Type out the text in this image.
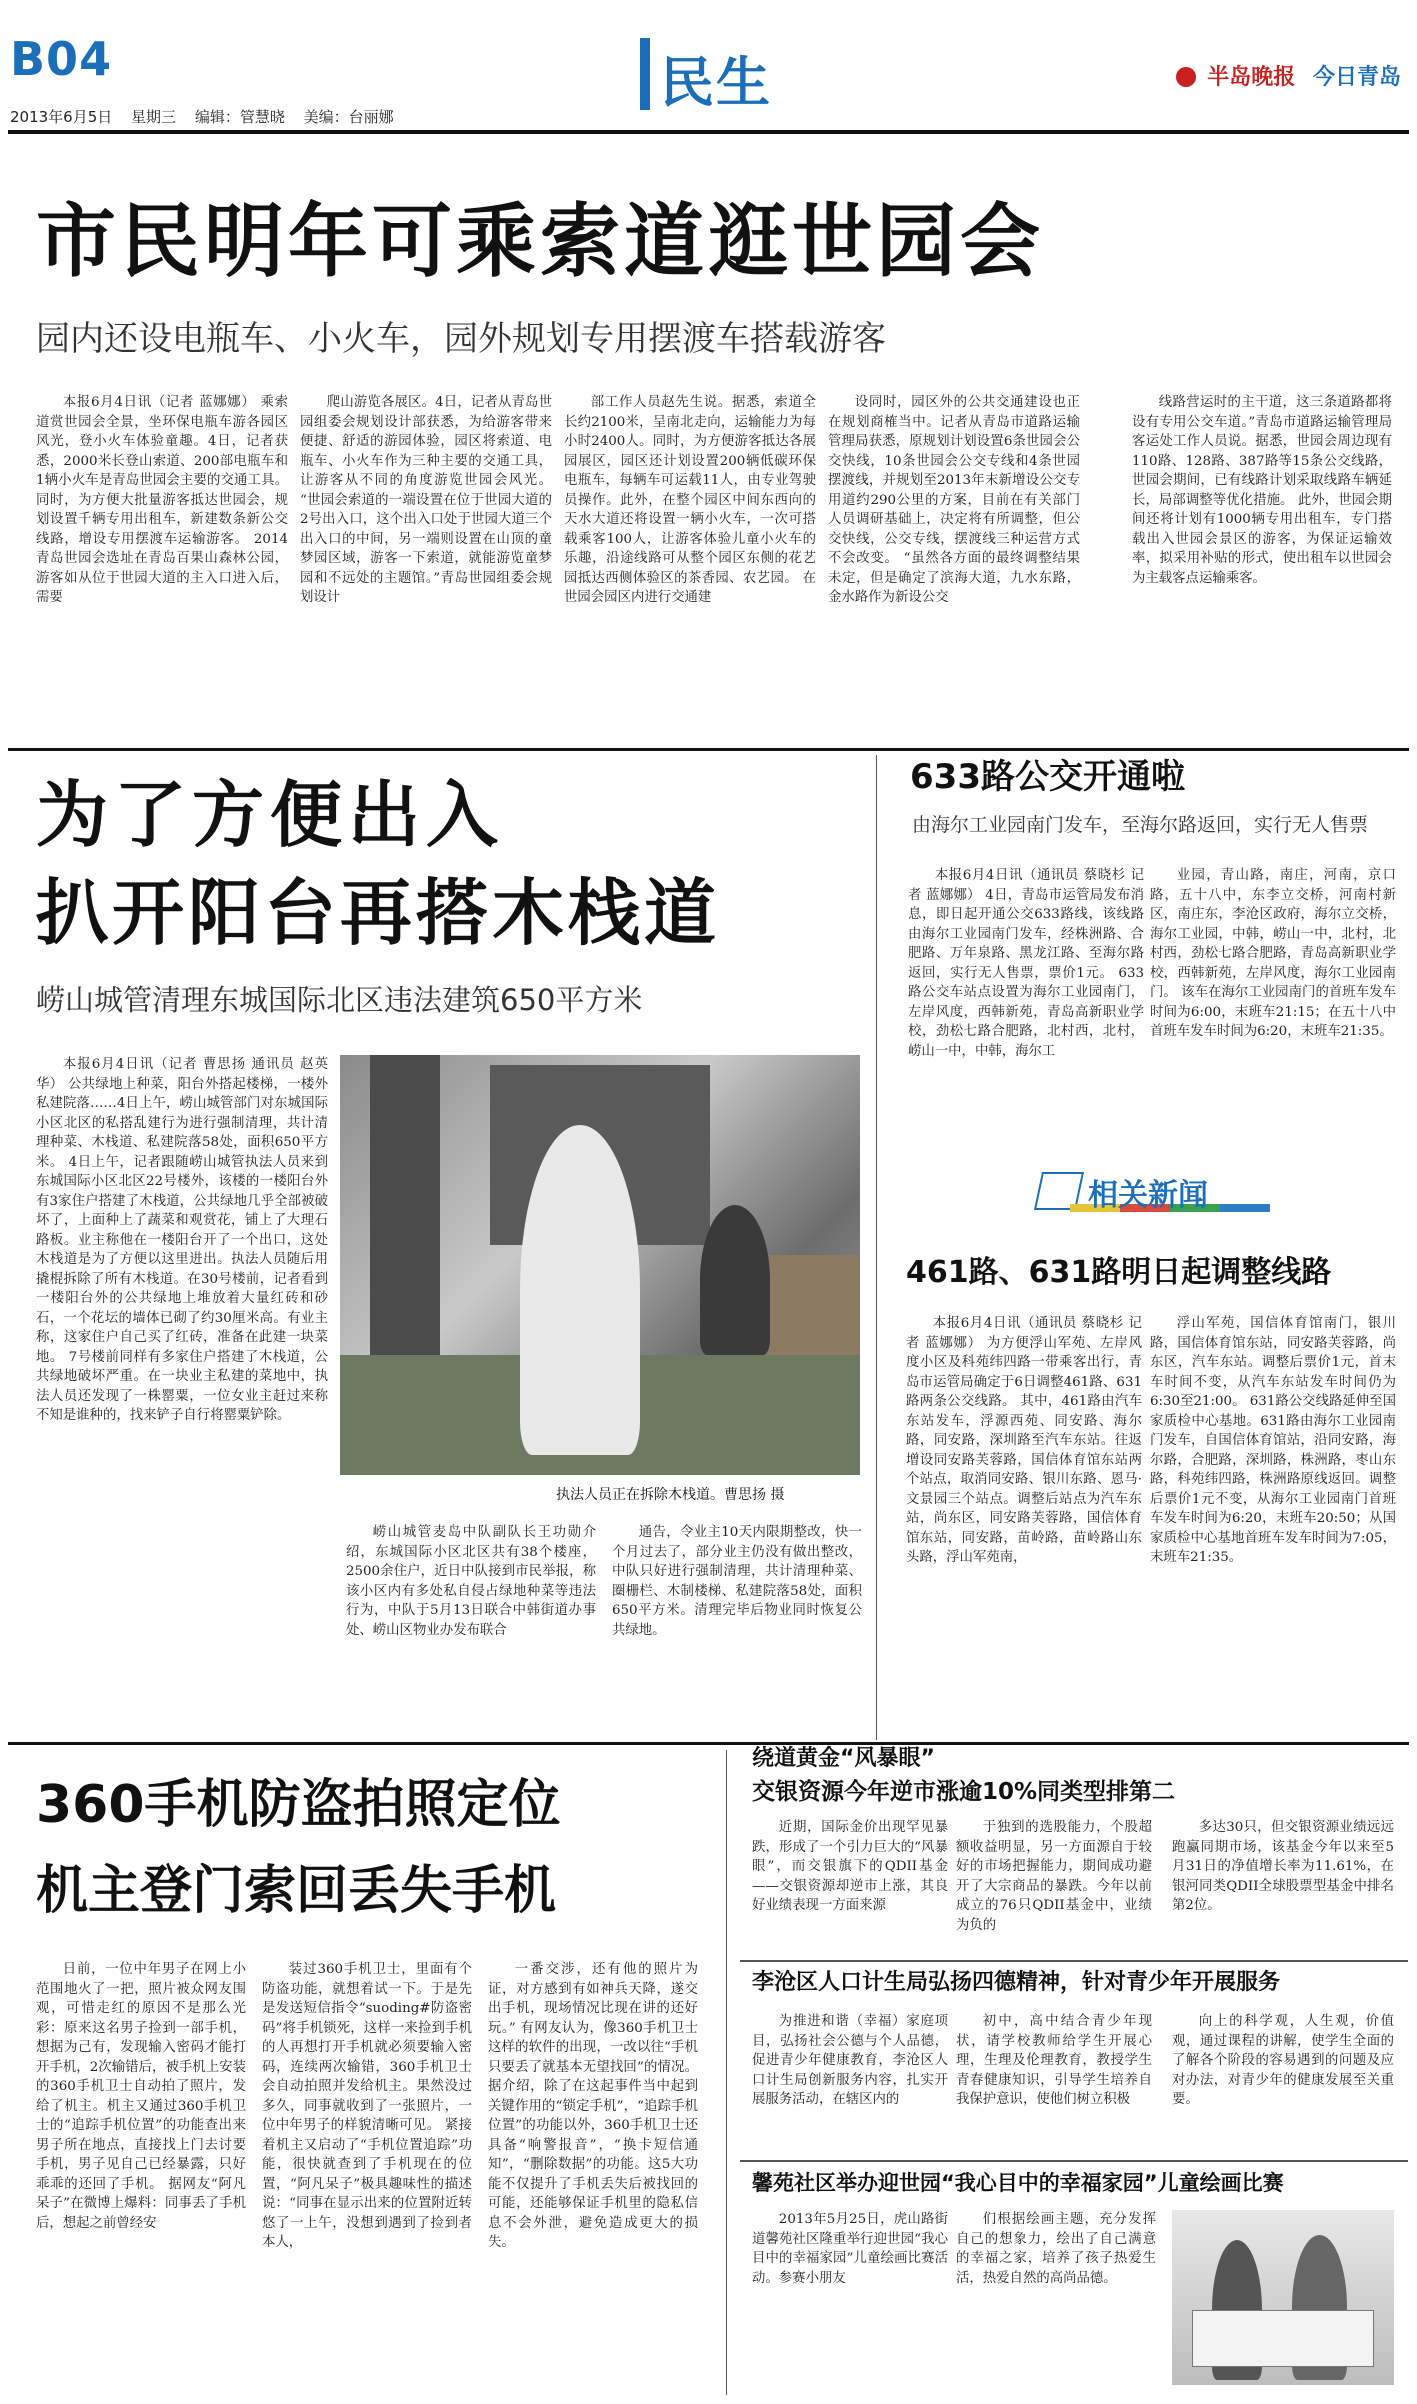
B04	民生	半岛晚报 今日青岛
2013年6月5日 星期三 编辑：管慧晓 美编：台丽娜
市民明年可乘索道逛世园会
园内还设电瓶车、小火车，园外规划专用摆渡车搭载游客

本报6月4日讯（记者 蓝娜娜） 乘索道赏世园会全景，坐环保电瓶车游各园区风光，登小火车体验童趣。4日，记者获悉，2000米长登山索道、200部电瓶车和1辆小火车是青岛世园会主要的交通工具。同时，为方便大批量游客抵达世园会，规划设置千辆专用出租车，新建数条新公交线路，增设专用摆渡车运输游客。 2014青岛世园会选址在青岛百果山森林公园，游客如从位于世园大道的主入口进入后，需要

爬山游览各展区。4日，记者从青岛世园组委会规划设计部获悉，为给游客带来便捷、舒适的游园体验，园区将索道、电瓶车、小火车作为三种主要的交通工具，让游客从不同的角度游览世园会风光。 “世园会索道的一端设置在位于世园大道的2号出入口，这个出入口处于世园大道三个出入口的中间，另一端则设置在山顶的童梦园区域，游客一下索道，就能游览童梦园和不远处的主题馆。”青岛世园组委会规划设计

部工作人员赵先生说。据悉，索道全长约2100米，呈南北走向，运输能力为每小时2400人。同时，为方便游客抵达各展园展区，园区还计划设置200辆低碳环保电瓶车，每辆车可运载11人，由专业驾驶员操作。此外，在整个园区中间东西向的天水大道还将设置一辆小火车，一次可搭载乘客100人，让游客体验儿童小火车的乐趣，沿途线路可从整个园区东侧的花艺园抵达西侧体验区的茶香园、农艺园。 在世园会园区内进行交通建

设同时，园区外的公共交通建设也正在规划商榷当中。记者从青岛市道路运输管理局获悉，原规划计划设置6条世园会公交快线，10条世园会公交专线和4条世园摆渡线，并规划至2013年末新增设公交专用道约290公里的方案，目前在有关部门人员调研基础上，决定将有所调整，但公交快线，公交专线，摆渡线三种运营方式不会改变。 “虽然各方面的最终调整结果未定，但是确定了滨海大道，九水东路，金水路作为新设公交

线路营运时的主干道，这三条道路都将设有专用公交车道。”青岛市道路运输管理局客运处工作人员说。据悉，世园会周边现有110路、128路、387路等15条公交线路，世园会期间，已有线路计划采取线路车辆延长，局部调整等优化措施。 此外，世园会期间还将计划有1000辆专用出租车，专门搭载出入世园会景区的游客，为保证运输效率，拟采用补贴的形式，使出租车以世园会为主载客点运输乘客。

为了方便出入
扒开阳台再搭木栈道
崂山城管清理东城国际北区违法建筑650平方米

本报6月4日讯（记者 曹思扬 通讯员 赵英华） 公共绿地上种菜，阳台外搭起楼梯，一楼外私建院落……4日上午，崂山城管部门对东城国际小区北区的私搭乱建行为进行强制清理，共计清理种菜、木栈道、私建院落58处，面积650平方米。 4日上午，记者跟随崂山城管执法人员来到东城国际小区北区22号楼外，该楼的一楼阳台外有3家住户搭建了木栈道，公共绿地几乎全部被破坏了，上面种上了蔬菜和观赏花，铺上了大理石路板。业主称他在一楼阳台开了一个出口，这处木栈道是为了方便以这里进出。执法人员随后用撬棍拆除了所有木栈道。在30号楼前，记者看到一楼阳台外的公共绿地上堆放着大量红砖和砂石，一个花坛的墙体已砌了约30厘米高。有业主称，这家住户自己买了红砖，准备在此建一块菜地。 7号楼前同样有多家住户搭建了木栈道，公共绿地破坏严重。在一块业主私建的菜地中，执法人员还发现了一株罂粟，一位女业主赶过来称不知是谁种的，找来铲子自行将罂粟铲除。

执法人员正在拆除木栈道。曹思扬 摄

崂山城管麦岛中队副队长王功勋介绍，东城国际小区北区共有38个楼座，2500余住户，近日中队接到市民举报，称该小区内有多处私自侵占绿地种菜等违法行为，中队于5月13日联合中韩街道办事处、崂山区物业办发布联合

通告，令业主10天内限期整改，快一个月过去了，部分业主仍没有做出整改，中队只好进行强制清理，共计清理种菜、圈栅栏、木制楼梯、私建院落58处，面积650平方米。清理完毕后物业同时恢复公共绿地。

633路公交开通啦
由海尔工业园南门发车，至海尔路返回，实行无人售票

本报6月4日讯（通讯员 蔡晓杉 记者 蓝娜娜） 4日，青岛市运管局发布消息，即日起开通公交633路线，该线路由海尔工业园南门发车，经株洲路、合肥路、万年泉路、黑龙江路、至海尔路返回，实行无人售票，票价1元。 633路公交车站点设置为海尔工业园南门，左岸风度，西韩新苑，青岛高新职业学校，劲松七路合肥路，北村西，北村，崂山一中，中韩，海尔工

业园，青山路，南庄，河南，京口路，五十八中，东李立交桥，河南村新区，南庄东，李沧区政府，海尔立交桥，海尔工业园，中韩，崂山一中，北村，北村西，劲松七路合肥路，青岛高新职业学校，西韩新苑，左岸风度，海尔工业园南门。 该车在海尔工业园南门的首班车发车时间为6:00，末班车21:15；在五十八中首班车发车时间为6:20，末班车21:35。

相关新闻
461路、631路明日起调整线路

本报6月4日讯（通讯员 蔡晓杉 记者 蓝娜娜） 为方便浮山军苑、左岸风度小区及科苑纬四路一带乘客出行，青岛市运管局确定于6日调整461路、631路两条公交线路。 其中，461路由汽车东站发车，浮源西苑、同安路、海尔路，同安路，深圳路至汽车东站。往返增设同安路芙蓉路，国信体育馆东站两个站点，取消同安路、银川东路、恩马·文景园三个站点。调整后站点为汽车东站，尚东区，同安路芙蓉路，国信体育馆东站，同安路，苗岭路，苗岭路山东头路，浮山军苑南，

浮山军苑，国信体育馆南门，银川路，国信体育馆东站，同安路芙蓉路，尚东区，汽车东站。调整后票价1元，首末车时间不变，从汽车东站发车时间仍为6:30至21:00。 631路公交线路延伸至国家质检中心基地。631路由海尔工业园南门发车，自国信体育馆站，沿同安路，海尔路，合肥路，深圳路，株洲路，枣山东路，科苑纬四路，株洲路原线返回。调整后票价1元不变，从海尔工业园南门首班车发车时间为6:20，末班车20:50；从国家质检中心基地首班车发车时间为7:05，末班车21:35。

360手机防盗拍照定位
机主登门索回丢失手机

日前，一位中年男子在网上小范围地火了一把，照片被众网友围观，可惜走红的原因不是那么光彩：原来这名男子捡到一部手机，想据为己有，发现输入密码才能打开手机，2次输错后，被手机上安装的360手机卫士自动拍了照片，发给了机主。机主又通过360手机卫士的“追踪手机位置”的功能查出来男子所在地点，直接找上门去讨要手机，男子见自己已经暴露，只好乖乖的还回了手机。 据网友“阿凡呆子”在微博上爆料：同事丢了手机后，想起之前曾经安

装过360手机卫士，里面有个防盗功能，就想着试一下。于是先是发送短信指令“suoding#防盗密码”将手机锁死，这样一来捡到手机的人再想打开手机就必须要输入密码，连续两次输错，360手机卫士会自动拍照并发给机主。果然没过多久，同事就收到了一张照片，一位中年男子的样貌清晰可见。 紧接着机主又启动了“手机位置追踪”功能，很快就查到了手机现在的位置，“阿凡呆子”极具趣味性的描述说：“同事在显示出来的位置附近转悠了一上午，没想到遇到了捡到者本人，

一番交涉，还有他的照片为证，对方感到有如神兵天降，遂交出手机，现场情况比现在讲的还好玩。” 有网友认为，像360手机卫士这样的软件的出现，一改以往“手机只要丢了就基本无望找回”的情况。据介绍，除了在这起事件当中起到关键作用的“锁定手机”，“追踪手机位置”的功能以外，360手机卫士还具备“响警报音”，“换卡短信通知”，“删除数据”的功能。这5大功能不仅提升了手机丢失后被找回的可能，还能够保证手机里的隐私信息不会外泄，避免造成更大的损失。

绕道黄金“风暴眼”
交银资源今年逆市涨逾10%同类型排第二

近期，国际金价出现罕见暴跌，形成了一个引力巨大的“风暴眼”，而交银旗下的QDII基金——交银资源却逆市上涨，其良好业绩表现一方面来源

于独到的选股能力，个股超额收益明显，另一方面源自于较好的市场把握能力，期间成功避开了大宗商品的暴跌。今年以前成立的76只QDII基金中，业绩为负的

多达30只，但交银资源业绩远远跑赢同期市场，该基金今年以来至5月31日的净值增长率为11.61%，在银河同类QDII全球股票型基金中排名第2位。

李沧区人口计生局弘扬四德精神，针对青少年开展服务

为推进和谐（幸福）家庭项目，弘扬社会公德与个人品德，促进青少年健康教育，李沧区人口计生局创新服务内容，扎实开展服务活动，在辖区内的

初中，高中结合青少年现状，请学校教师给学生开展心理，生理及伦理教育，教授学生青春健康知识，引导学生培养自我保护意识，使他们树立积极

向上的科学观，人生观，价值观，通过课程的讲解，使学生全面的了解各个阶段的容易遇到的问题及应对办法，对青少年的健康发展至关重要。

馨苑社区举办迎世园“我心目中的幸福家园”儿童绘画比赛

2013年5月25日，虎山路街道馨苑社区隆重举行迎世园“我心目中的幸福家园”儿童绘画比赛活动。参赛小朋友

们根据绘画主题，充分发挥自己的想象力，绘出了自己满意的幸福之家，培养了孩子热爱生活，热爱自然的高尚品德。
